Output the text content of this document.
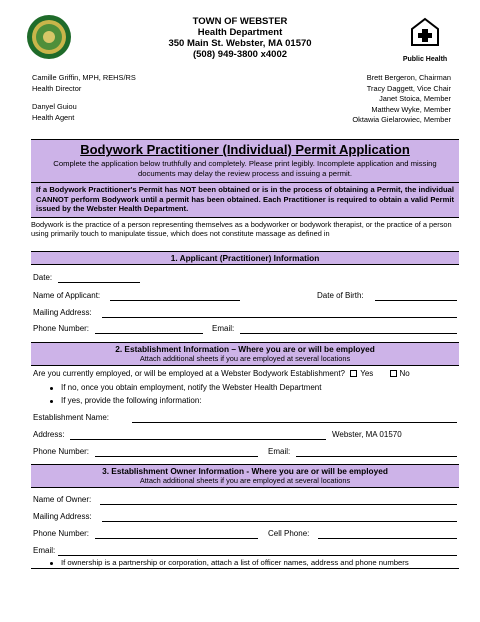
TOWN OF WEBSTER
Health Department
350 Main St. Webster, MA 01570
(508) 949-3800 x4002	Public Health
Camille Griffin, MPH, REHS/RS
Health Director
Danyel Guiou
Health Agent
Brett Bergeron, Chairman
Tracy Daggett, Vice Chair
Janet Stoica, Member
Matthew Wyke, Member
Oktawia Gielarowiec, Member
Bodywork Practitioner (Individual) Permit Application
Complete the application below truthfully and completely. Please print legibly. Incomplete application and missing documents may delay the review process and issuing a permit.
If a Bodywork Practitioner's Permit has NOT been obtained or is in the process of obtaining a Permit, the individual CANNOT perform Bodywork until a permit has been obtained. Each Practitioner is required to obtain a valid Permit issued by the Webster Health Department.
Bodywork is the practice of a person representing themselves as a bodyworker or bodywork therapist, or the practice of a person using primarily touch to manipulate tissue, which does not constitute massage as defined in
1. Applicant (Practitioner) Information
Date:
Name of Applicant:	Date of Birth:
Mailing Address:
Phone Number:	Email:
2. Establishment Information – Where you are or will be employed
Attach additional sheets if you are employed at several locations
Are you currently employed, or will be employed at a Webster Bodywork Establishment? Yes	No
If no, once you obtain employment, notify the Webster Health Department
If yes, provide the following information:
Establishment Name:
Address:	Webster, MA 01570
Phone Number:	Email:
3. Establishment Owner Information - Where you are or will be employed
Attach additional sheets if you are employed at several locations
Name of Owner:
Mailing Address:
Phone Number:	Cell Phone:
Email:
If ownership is a partnership or corporation, attach a list of officer names, address and phone numbers
